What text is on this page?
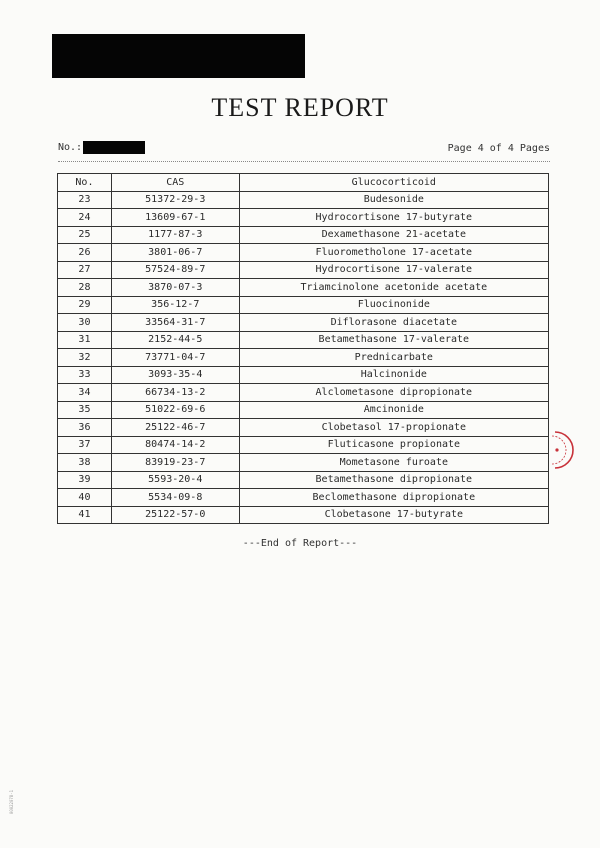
TEST REPORT
No.:	Page 4 of 4 Pages
No.	CAS	Glucocorticoid
23	51372-29-3	Budesonide
24	13609-67-1	Hydrocortisone 17-butyrate
25	1177-87-3	Dexamethasone 21-acetate
26	3801-06-7	Fluorometholone 17-acetate
27	57524-89-7	Hydrocortisone 17-valerate
28	3870-07-3	Triamcinolone acetonide acetate
29	356-12-7	Fluocinonide
30	33564-31-7	Diflorasone diacetate
31	2152-44-5	Betamethasone 17-valerate
32	73771-04-7	Prednicarbate
33	3093-35-4	Halcinonide
34	66734-13-2	Alclometasone dipropionate
35	51022-69-6	Amcinonide
36	25122-46-7	Clobetasol 17-propionate
37	80474-14-2	Fluticasone propionate
38	83919-23-7	Mometasone furoate
39	5593-20-4	Betamethasone dipropionate
40	5534-09-8	Beclomethasone dipropionate
41	25122-57-0	Clobetasone 17-butyrate
---End of Report---
00022078-1
